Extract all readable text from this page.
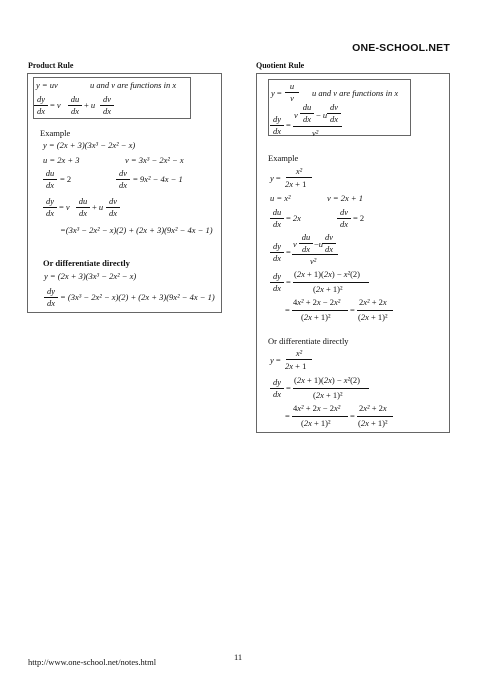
ONE-SCHOOL.NET
Product Rule
y = uv	u and v are functions in x
dy
dx
= v
du
dx
+ u
dv
dx
Example
y = (2x + 3)(3x³ − 2x² − x)
u = 2x + 3	v = 3x³ − 2x² − x
du
dx
= 2
dv
dx
= 9x² − 4x − 1
dy
dx
= v
du
dx
+ u
dv
dx
=(3x³ − 2x² − x)(2) + (2x + 3)(9x² − 4x − 1)
Or differentiate directly
y = (2x + 3)(3x³ − 2x² − x)
dy
dx
= (3x³ − 2x² − x)(2) + (2x + 3)(9x² − 4x − 1)
Quotient Rule
y =
u
v	u and v are functions in x
dy
dx
=
v
du
dx − u
dv
dx
v²
Example
y =
x²
2x + 1
u = x²	v = 2x + 1
du
dx
= 2x
dv
dx
= 2
dy
dx
=
v
du
dx −u
dv
dx
v²
dy
dx
=
(2x + 1)(2x) − x²(2)
(2x + 1)²
=
4x² + 2x − 2x²
(2x + 1)²
=
2x² + 2x
(2x + 1)²
Or differentiate directly
y =
x²
2x + 1
dy
dx
=
(2x + 1)(2x) − x²(2)
(2x + 1)²
=
4x² + 2x − 2x²
(2x + 1)²
=
2x² + 2x
(2x + 1)²
11
http://www.one-school.net/notes.html
